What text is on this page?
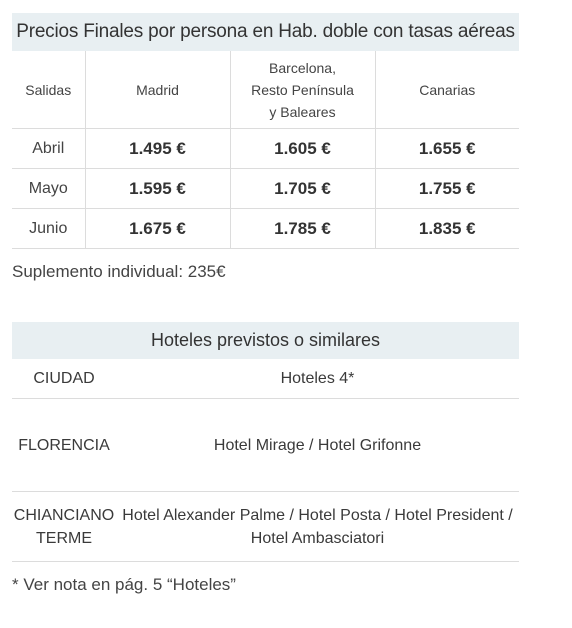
Precios Finales por persona en Hab. doble con tasas aéreas
Salidas	Madrid	Barcelona,
Resto Península
y Baleares	Canarias
Abril	1.495 €	1.605 €	1.655 €
Mayo	1.595 €	1.705 €	1.755 €
Junio	1.675 €	1.785 €	1.835 €
Suplemento individual: 235€
Hoteles previstos o similares
CIUDAD	Hoteles 4*
FLORENCIA	Hotel Mirage / Hotel Grifonne
CHIANCIANO
TERME	Hotel Alexander Palme / Hotel Posta / Hotel President /
Hotel Ambasciatori
* Ver nota en pág. 5 “Hoteles”
